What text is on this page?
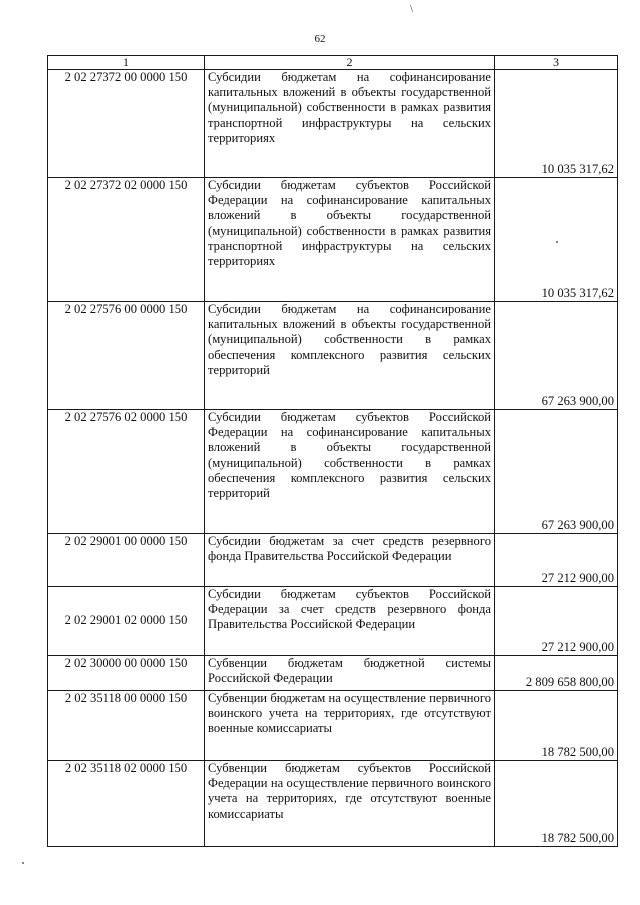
62
\
1	2	3
2 02 27372 00 0000 150	Субсидии бюджетам на софинансирование капитальных вложений в объекты государственной (муниципальной) собственности в рамках развития транспортной инфраструктуры на сельских территориях	10 035 317,62
2 02 27372 02 0000 150	Субсидии бюджетам субъектов Российской Федерации на софинансирование капитальных вложений в объекты государственной (муниципальной) собственности в рамках развития транспортной инфраструктуры на сельских территориях	10 035 317,62
2 02 27576 00 0000 150	Субсидии бюджетам на софинансирование капитальных вложений в объекты государственной (муниципальной) собственности в рамках обеспечения комплексного развития сельских территорий	67 263 900,00
2 02 27576 02 0000 150	Субсидии бюджетам субъектов Российской Федерации на софинансирование капитальных вложений в объекты государственной (муниципальной) собственности в рамках обеспечения комплексного развития сельских территорий	67 263 900,00
2 02 29001 00 0000 150	Субсидии бюджетам за счет средств резервного фонда Правительства Российской Федерации	27 212 900,00
2 02 29001 02 0000 150	Субсидии бюджетам субъектов Российской Федерации за счет средств резервного фонда Правительства Российской Федерации	27 212 900,00
2 02 30000 00 0000 150	Субвенции бюджетам бюджетной системы Российской Федерации	2 809 658 800,00
2 02 35118 00 0000 150	Субвенции бюджетам на осуществление первичного воинского учета на территориях, где отсутствуют военные комиссариаты	18 782 500,00
2 02 35118 02 0000 150	Субвенции бюджетам субъектов Российской Федерации на осуществление первичного воинского учета на территориях, где отсутствуют военные комиссариаты	18 782 500,00
